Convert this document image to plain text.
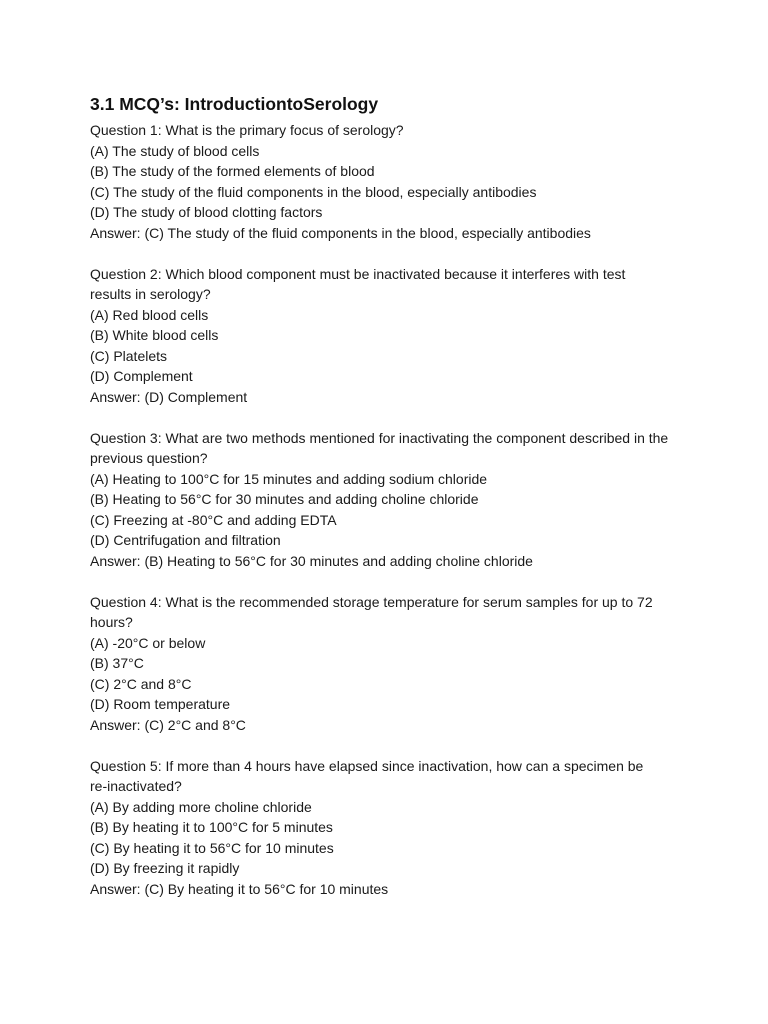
3.1 MCQ’s: IntroductiontoSerology

Question 1: What is the primary focus of serology?

(A) The study of blood cells

(B) The study of the formed elements of blood

(C) The study of the fluid components in the blood, especially antibodies

(D) The study of blood clotting factors

Answer: (C) The study of the fluid components in the blood, especially antibodies

Question 2: Which blood component must be inactivated because it interferes with test

results in serology?

(A) Red blood cells

(B) White blood cells

(C) Platelets

(D) Complement

Answer: (D) Complement

Question 3: What are two methods mentioned for inactivating the component described in the

previous question?

(A) Heating to 100°C for 15 minutes and adding sodium chloride

(B) Heating to 56°C for 30 minutes and adding choline chloride

(C) Freezing at -80°C and adding EDTA

(D) Centrifugation and filtration

Answer: (B) Heating to 56°C for 30 minutes and adding choline chloride

Question 4: What is the recommended storage temperature for serum samples for up to 72

hours?

(A) -20°C or below

(B) 37°C

(C) 2°C and 8°C

(D) Room temperature

Answer: (C) 2°C and 8°C

Question 5: If more than 4 hours have elapsed since inactivation, how can a specimen be

re-inactivated?

(A) By adding more choline chloride

(B) By heating it to 100°C for 5 minutes

(C) By heating it to 56°C for 10 minutes

(D) By freezing it rapidly

Answer: (C) By heating it to 56°C for 10 minutes
